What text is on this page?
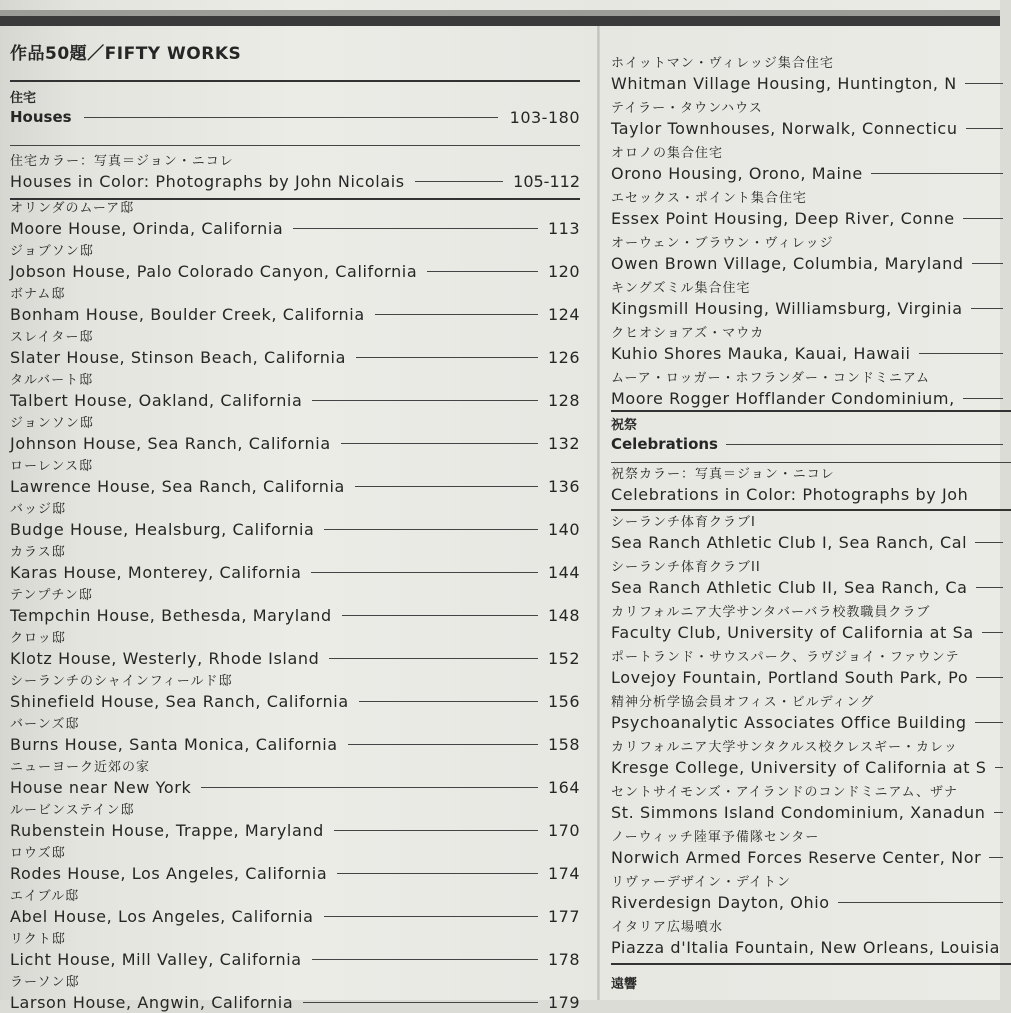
作品50題／FIFTY WORKS
住宅
Houses	103-180
住宅カラー：写真＝ジョン・ニコレ
Houses in Color: Photographs by John Nicolais	105-112
オリンダのムーア邸
Moore House, Orinda, California	113
ジョブソン邸
Jobson House, Palo Colorado Canyon, California	120
ボナム邸
Bonham House, Boulder Creek, California	124
スレイター邸
Slater House, Stinson Beach, California	126
タルバート邸
Talbert House, Oakland, California	128
ジョンソン邸
Johnson House, Sea Ranch, California	132
ローレンス邸
Lawrence House, Sea Ranch, California	136
バッジ邸
Budge House, Healsburg, California	140
カラス邸
Karas House, Monterey, California	144
テンプチン邸
Tempchin House, Bethesda, Maryland	148
クロッ邸
Klotz House, Westerly, Rhode Island	152
シーランチのシャインフィールド邸
Shinefield House, Sea Ranch, California	156
バーンズ邸
Burns House, Santa Monica, California	158
ニューヨーク近郊の家
House near New York	164
ルービンステイン邸
Rubenstein House, Trappe, Maryland	170
ロウズ邸
Rodes House, Los Angeles, California	174
エイブル邸
Abel House, Los Angeles, California	177
リクト邸
Licht House, Mill Valley, California	178
ラーソン邸
Larson House, Angwin, California	179
ホイットマン・ヴィレッジ集合住宅
Whitman Village Housing, Huntington, N
テイラー・タウンハウス
Taylor Townhouses, Norwalk, Connecticu
オロノの集合住宅
Orono Housing, Orono, Maine
エセックス・ポイント集合住宅
Essex Point Housing, Deep River, Conne
オーウェン・ブラウン・ヴィレッジ
Owen Brown Village, Columbia, Maryland
キングズミル集合住宅
Kingsmill Housing, Williamsburg, Virginia
クヒオショアズ・マウカ
Kuhio Shores Mauka, Kauai, Hawaii
ムーア・ロッガー・ホフランダー・コンドミニアム
Moore Rogger Hofflander Condominium,
祝祭
Celebrations
祝祭カラー：写真＝ジョン・ニコレ
Celebrations in Color: Photographs by Joh
シーランチ体育クラブI
Sea Ranch Athletic Club I, Sea Ranch, Cal
シーランチ体育クラブII
Sea Ranch Athletic Club II, Sea Ranch, Ca
カリフォルニア大学サンタバーバラ校教職員クラブ
Faculty Club, University of California at Sa
ポートランド・サウスパーク、ラヴジョイ・ファウンテ
Lovejoy Fountain, Portland South Park, Po
精神分析学協会員オフィス・ビルディング
Psychoanalytic Associates Office Building
カリフォルニア大学サンタクルス校クレスギー・カレッ
Kresge College, University of California at S
セントサイモンズ・アイランドのコンドミニアム、ザナ
St. Simmons Island Condominium, Xanadun
ノーウィッチ陸軍予備隊センター
Norwich Armed Forces Reserve Center, Nor
リヴァーデザイン・デイトン
Riverdesign Dayton, Ohio
イタリア広場噴水
Piazza d'Italia Fountain, New Orleans, Louisia
遠響
